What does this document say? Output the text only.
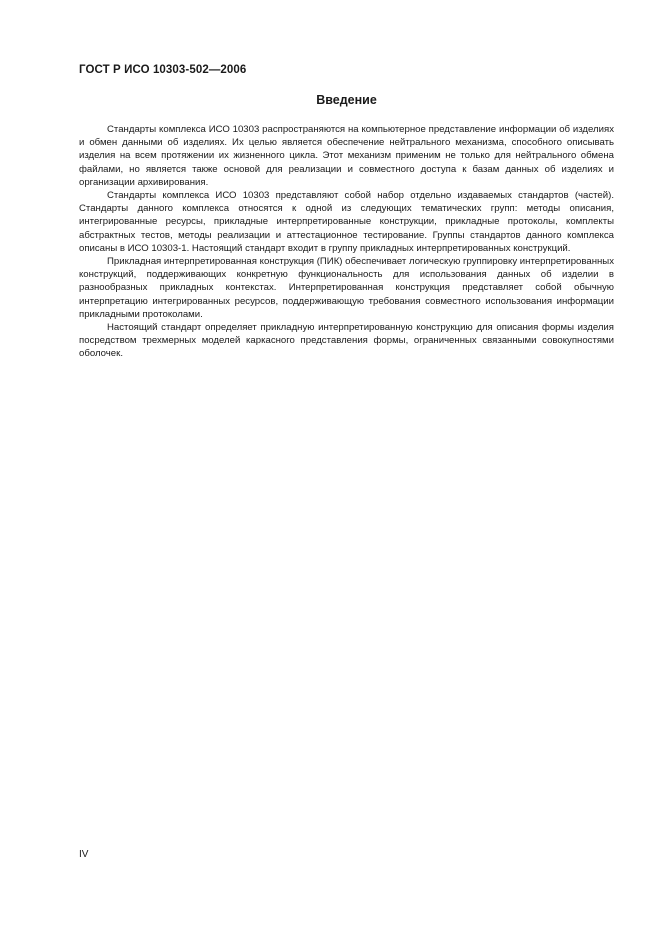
ГОСТ Р ИСО 10303-502—2006
Введение

Стандарты комплекса ИСО 10303 распространяются на компьютерное представление информации об изделиях и обмен данными об изделиях. Их целью является обеспечение нейтрального механизма, способного описывать изделия на всем протяжении их жизненного цикла. Этот механизм применим не только для нейтрального обмена файлами, но является также основой для реализации и совместного доступа к базам данных об изделиях и организации архивирования.

Стандарты комплекса ИСО 10303 представляют собой набор отдельно издаваемых стандартов (частей). Стандарты данного комплекса относятся к одной из следующих тематических групп: методы описания, интегрированные ресурсы, прикладные интерпретированные конструкции, прикладные протоколы, комплекты абстрактных тестов, методы реализации и аттестационное тестирование. Группы стандартов данного комплекса описаны в ИСО 10303-1. Настоящий стандарт входит в группу прикладных интерпретированных конструкций.

Прикладная интерпретированная конструкция (ПИК) обеспечивает логическую группировку интерпретированных конструкций, поддерживающих конкретную функциональность для использования данных об изделии в разнообразных прикладных контекстах. Интерпретированная конструкция представляет собой обычную интерпретацию интегрированных ресурсов, поддерживающую требования совместного использования информации прикладными протоколами.

Настоящий стандарт определяет прикладную интерпретированную конструкцию для описания формы изделия посредством трехмерных моделей каркасного представления формы, ограниченных связанными совокупностями оболочек.

IV
